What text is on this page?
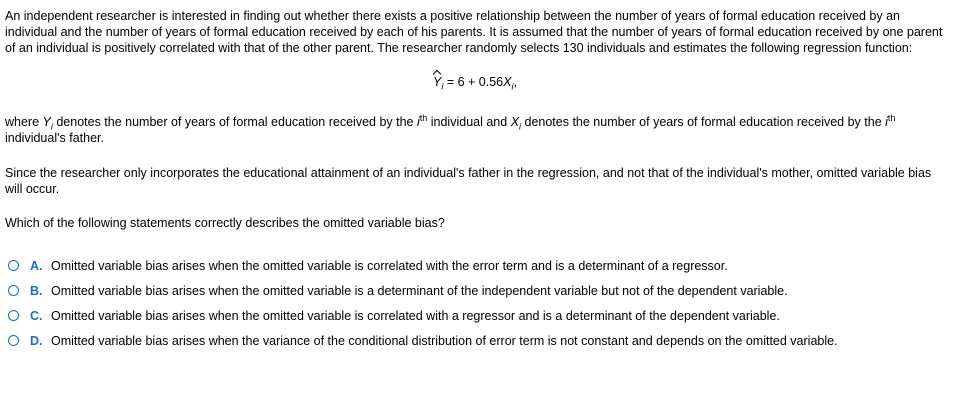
An independent researcher is interested in finding out whether there exists a positive relationship between the number of years of formal education received by an individual and the number of years of formal education received by each of his parents. It is assumed that the number of years of formal education received by one parent of an individual is positively correlated with that of the other parent. The researcher randomly selects 130 individuals and estimates the following regression function:

$Y_i = 6 + 0.56X_i$,

where $Y_i$ denotes the number of years of formal education received by the $i^{th}$ individual and $X_i$ denotes the number of years of formal education received by the $i^{th}$ individual's father.

Since the researcher only incorporates the educational attainment of an individual's father in the regression, and not that of the individual's mother, omitted variable bias will occur.

Which of the following statements correctly describes the omitted variable bias?

A. Omitted variable bias arises when the omitted variable is correlated with the error term and is a determinant of a regressor.
B. Omitted variable bias arises when the omitted variable is a determinant of the independent variable but not of the dependent variable.
C. Omitted variable bias arises when the omitted variable is correlated with a regressor and is a determinant of the dependent variable.
D. Omitted variable bias arises when the variance of the conditional distribution of error term is not constant and depends on the omitted variable.
